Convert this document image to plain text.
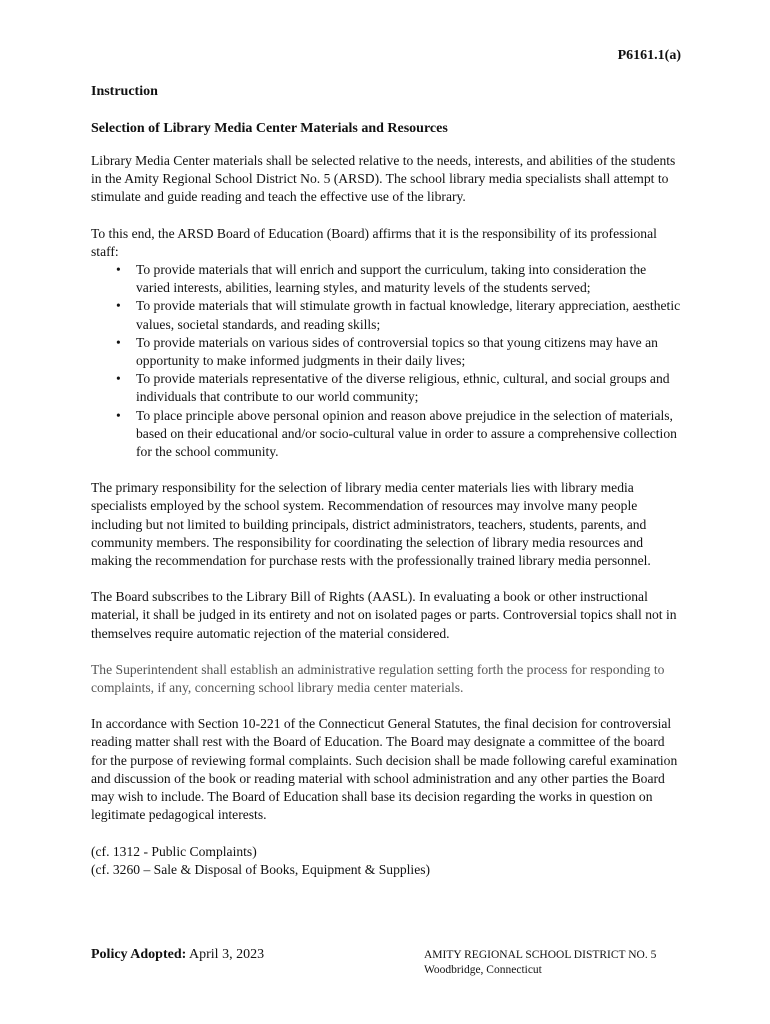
P6161.1(a)
Instruction
Selection of Library Media Center Materials and Resources

Library Media Center materials shall be selected relative to the needs, interests, and abilities of the students in the Amity Regional School District No. 5 (ARSD). The school library media specialists shall attempt to stimulate and guide reading and teach the effective use of the library.

To this end, the ARSD Board of Education (Board) affirms that it is the responsibility of its professional staff:

• To provide materials that will enrich and support the curriculum, taking into consideration the varied interests, abilities, learning styles, and maturity levels of the students served;
• To provide materials that will stimulate growth in factual knowledge, literary appreciation, aesthetic values, societal standards, and reading skills;
• To provide materials on various sides of controversial topics so that young citizens may have an opportunity to make informed judgments in their daily lives;
• To provide materials representative of the diverse religious, ethnic, cultural, and social groups and individuals that contribute to our world community;
• To place principle above personal opinion and reason above prejudice in the selection of materials, based on their educational and/or socio-cultural value in order to assure a comprehensive collection for the school community.

The primary responsibility for the selection of library media center materials lies with library media specialists employed by the school system. Recommendation of resources may involve many people including but not limited to building principals, district administrators, teachers, students, parents, and community members. The responsibility for coordinating the selection of library media resources and making the recommendation for purchase rests with the professionally trained library media personnel.

The Board subscribes to the Library Bill of Rights (AASL). In evaluating a book or other instructional material, it shall be judged in its entirety and not on isolated pages or parts. Controversial topics shall not in themselves require automatic rejection of the material considered.

The Superintendent shall establish an administrative regulation setting forth the process for responding to complaints, if any, concerning school library media center materials.

In accordance with Section 10-221 of the Connecticut General Statutes, the final decision for controversial reading matter shall rest with the Board of Education. The Board may designate a committee of the board for the purpose of reviewing formal complaints. Such decision shall be made following careful examination and discussion of the book or reading material with school administration and any other parties the Board may wish to include. The Board of Education shall base its decision regarding the works in question on legitimate pedagogical interests.

(cf. 1312 - Public Complaints)

(cf. 3260 – Sale & Disposal of Books, Equipment & Supplies)

Policy Adopted: April 3, 2023	AMITY REGIONAL SCHOOL DISTRICT NO. 5
Woodbridge, Connecticut
